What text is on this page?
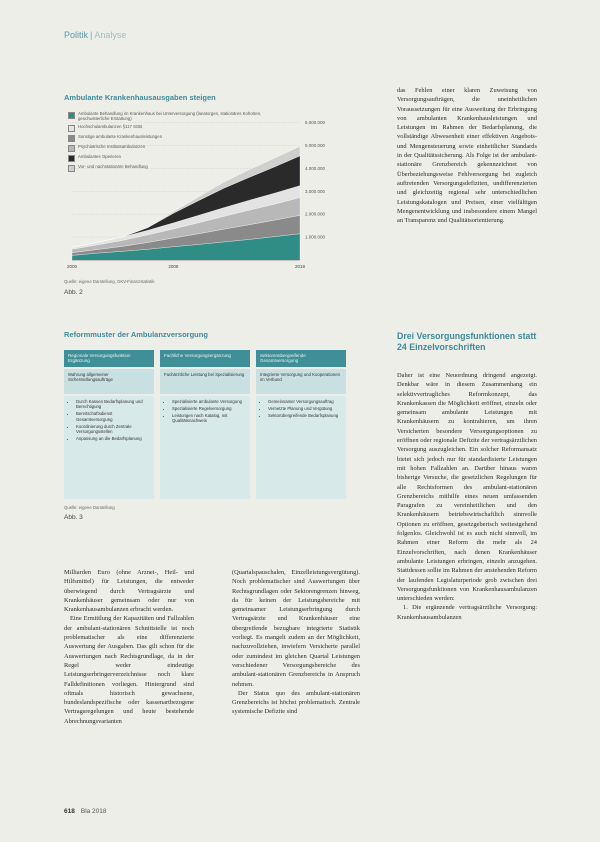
Politik | Analyse
Ambulante Krankenhausausgaben steigen
1.000.000
2.000.000
3.000.000
4.000.000
5.000.000
6.000.000
2000	2008	2018
Ambulante Behandlung im Krankenhaus bei Unterversorgung (lanatorgen, stationäres Kohorten, geschwisterliche Erstattung)
Hochschulambulanzen §117 SGB
Sonstige ambulante Krankenhausleistungen
Psychiatrische Institutsambulanzen
Ambulantes Operieren
Vor- und nachstationäre Behandlung
Quelle: eigene Darstellung, GKV-Finanzstatistik
Abb. 2
Reformmuster der Ambulanzversorgung
Regionale Versorgungsfunktion Ergänzung
Wahrung allgemeiner Sicherstellungsaufträge
• Durch Kassen Bedarfsplanung und Berechtigung
• Bereitschaftsdienst Gesamtversorgung
• Koordinierung durch Zentrale Versorgungsstellen
• Anpassung an die Bedarfsplanung
Fachliche Versorgungsergänzung
Fachärztliche Leistung bei Spezialisierung
• Spezialisierte ambulante Versorgung
• Spezialisierte Regelversorgung
• Leistungen nach Katalog, mit Qualitätsnachweis
Sektorenübergreifende Gesamtversorgung
Integrierte Versorgung und Kooperationen im Verbund
• Gemeinsamer Versorgungsauftrag
• Vernetzte Planung und Vergütung
• Sektorübergreifende Bedarfsplanung
Quelle: eigene Darstellung
Abb. 3

Milliarden Euro (ohne Arznei-, Heil- und Hilfsmittel) für Leistungen, die entweder überwiegend durch Vertragsärzte und Krankenhäuser gemeinsam oder nur von Krankenhausambulanzen erbracht werden.

Eine Ermittlung der Kapazitäten und Fallzahlen der ambulant-stationären Schnittstelle ist noch problematischer als eine differenzierte Auswertung der Ausgaben. Das gilt schon für die Auswertungen nach Rechtsgrundlage, da in der Regel weder eindeutige Leistungserbringerverzeichnisse noch klare Falldefinitionen vorliegen. Hintergrund sind oftmals historisch gewachsene, bundeslandspezifische oder kassenartbezogene Vertragsregelungen und heute bestehende Abrechnungsvarianten

(Quartalspauschalen, Einzelleistungsvergütung). Noch problematischer sind Auswertungen über Rechtsgrundlagen oder Sektorengrenzen hinweg, da für keinen der Leistungsbereiche mit gemeinsamer Leistungserbringung durch Vertragsärzte und Krankenhäuser eine übergreifende bezugbare integrierte Statistik vorliegt. Es mangelt zudem an der Möglichkeit, nachzuvollziehen, inwiefern Versicherte parallel oder zumindest im gleichen Quartal Leistungen verschiedener Versorgungsbereiche des ambulant-stationären Grenzbereichs in Anspruch nehmen.

Der Status quo des ambulant-stationären Grenzbereichs ist höchst problematisch. Zentrale systemische Defizite sind

das Fehlen einer klaren Zuweisung von Versorgungsaufträgen, die uneinheitlichen Voraussetzungen für eine Ausweitung der Erbringung von ambulanten Krankenhausleistungen und Leistungen im Rahmen der Bedarfsplanung, die vollständige Abwesenheit einer effektiven Angebots- und Mengensteuerung sowie einheitlicher Standards in der Qualitätssicherung. Als Folge ist der ambulant-stationäre Grenzbereich gekennzeichnet von Überbeziehungsweise Fehlversorgung bei zugleich auftretenden Versorgungsdefiziten, undifferenzierten und gleichzeitig regional sehr unterschiedlichen Leistungskatalogen und Preisen, einer vielfältigen Mengenentwicklung und insbesondere einem Mangel an Transparenz und Qualitätsorientierung.

Drei Versorgungsfunktionen statt 24 Einzelvorschriften

Daher ist eine Neuordnung dringend angezeigt. Denkbar wäre in diesem Zusammenhang ein selektivvertragliches Reformkonzept, das Krankenkassen die Möglichkeit eröffnet, einzeln oder gemeinsam ambulante Leistungen mit Krankenhäusern zu kontrahieren, um ihren Versicherten besondere Versorgungsoptionen zu eröffnen oder regionale Defizite der vertragsärztlichen Versorgung auszugleichen. Ein solcher Reformansatz bietet sich jedoch nur für standardisierte Leistungen mit hohen Fallzahlen an. Darüber hinaus waren bisherige Versuche, die gesetzlichen Regelungen für alle Rechtsformen des ambulant-stationären Grenzbereichs mithilfe eines neuen umfassenden Paragrafen zu vereinheitlichen und den Krankenhäusern betriebswirtschaftlich sinnvolle Optionen zu eröffnen, gesetzgeberisch weitestgehend folgenlos. Gleichwohl ist es auch nicht sinnvoll, im Rahmen einer Reform die mehr als 24 Einzelvorschriften, nach denen Krankenhäuser ambulante Leistungen erbringen, einzeln anzugehen. Stattdessen sollte im Rahmen der anstehenden Reform der laufenden Legislaturperiode grob zwischen drei Versorgungsfunktionen von Krankenhausambulanzen unterschieden werden:

1. Die ergänzende vertragsärztliche Versorgung: Krankenhausambulanzen

618 Bla 2018
